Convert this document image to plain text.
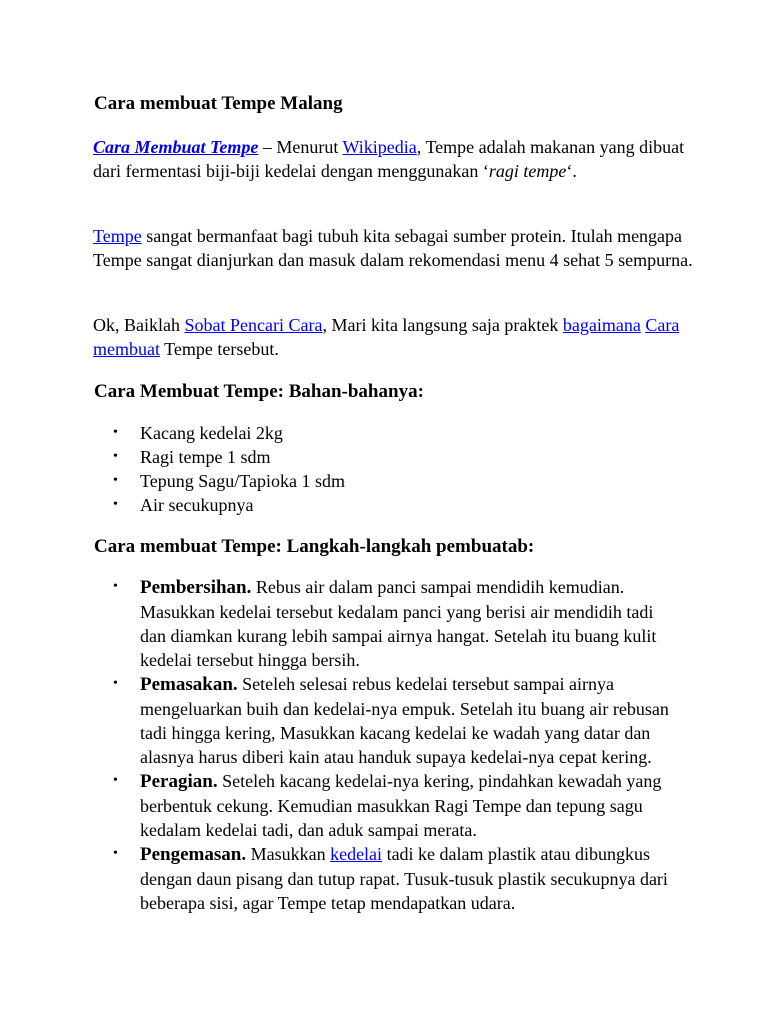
Cara membuat Tempe Malang

Cara Membuat Tempe – Menurut Wikipedia, Tempe adalah makanan yang dibuat dari fermentasi biji-biji kedelai dengan menggunakan ‘ragi tempe‘.

Tempe sangat bermanfaat bagi tubuh kita sebagai sumber protein. Itulah mengapa Tempe sangat dianjurkan dan masuk dalam rekomendasi menu 4 sehat 5 sempurna.

Ok, Baiklah Sobat Pencari Cara, Mari kita langsung saja praktek bagaimana Cara membuat Tempe tersebut.

Cara Membuat Tempe: Bahan-bahanya:
• Kacang kedelai 2kg
• Ragi tempe 1 sdm
• Tepung Sagu/Tapioka 1 sdm
• Air secukupnya
Cara membuat Tempe: Langkah-langkah pembuatab:
• Pembersihan. Rebus air dalam panci sampai mendidih kemudian. Masukkan kedelai tersebut kedalam panci yang berisi air mendidih tadi dan diamkan kurang lebih sampai airnya hangat. Setelah itu buang kulit kedelai tersebut hingga bersih.
• Pemasakan. Seteleh selesai rebus kedelai tersebut sampai airnya mengeluarkan buih dan kedelai-nya empuk. Setelah itu buang air rebusan tadi hingga kering, Masukkan kacang kedelai ke wadah yang datar dan alasnya harus diberi kain atau handuk supaya kedelai-nya cepat kering.
• Peragian. Seteleh kacang kedelai-nya kering, pindahkan kewadah yang berbentuk cekung. Kemudian masukkan Ragi Tempe dan tepung sagu kedalam kedelai tadi, dan aduk sampai merata.
• Pengemasan. Masukkan kedelai tadi ke dalam plastik atau dibungkus dengan daun pisang dan tutup rapat. Tusuk-tusuk plastik secukupnya dari beberapa sisi, agar Tempe tetap mendapatkan udara.
